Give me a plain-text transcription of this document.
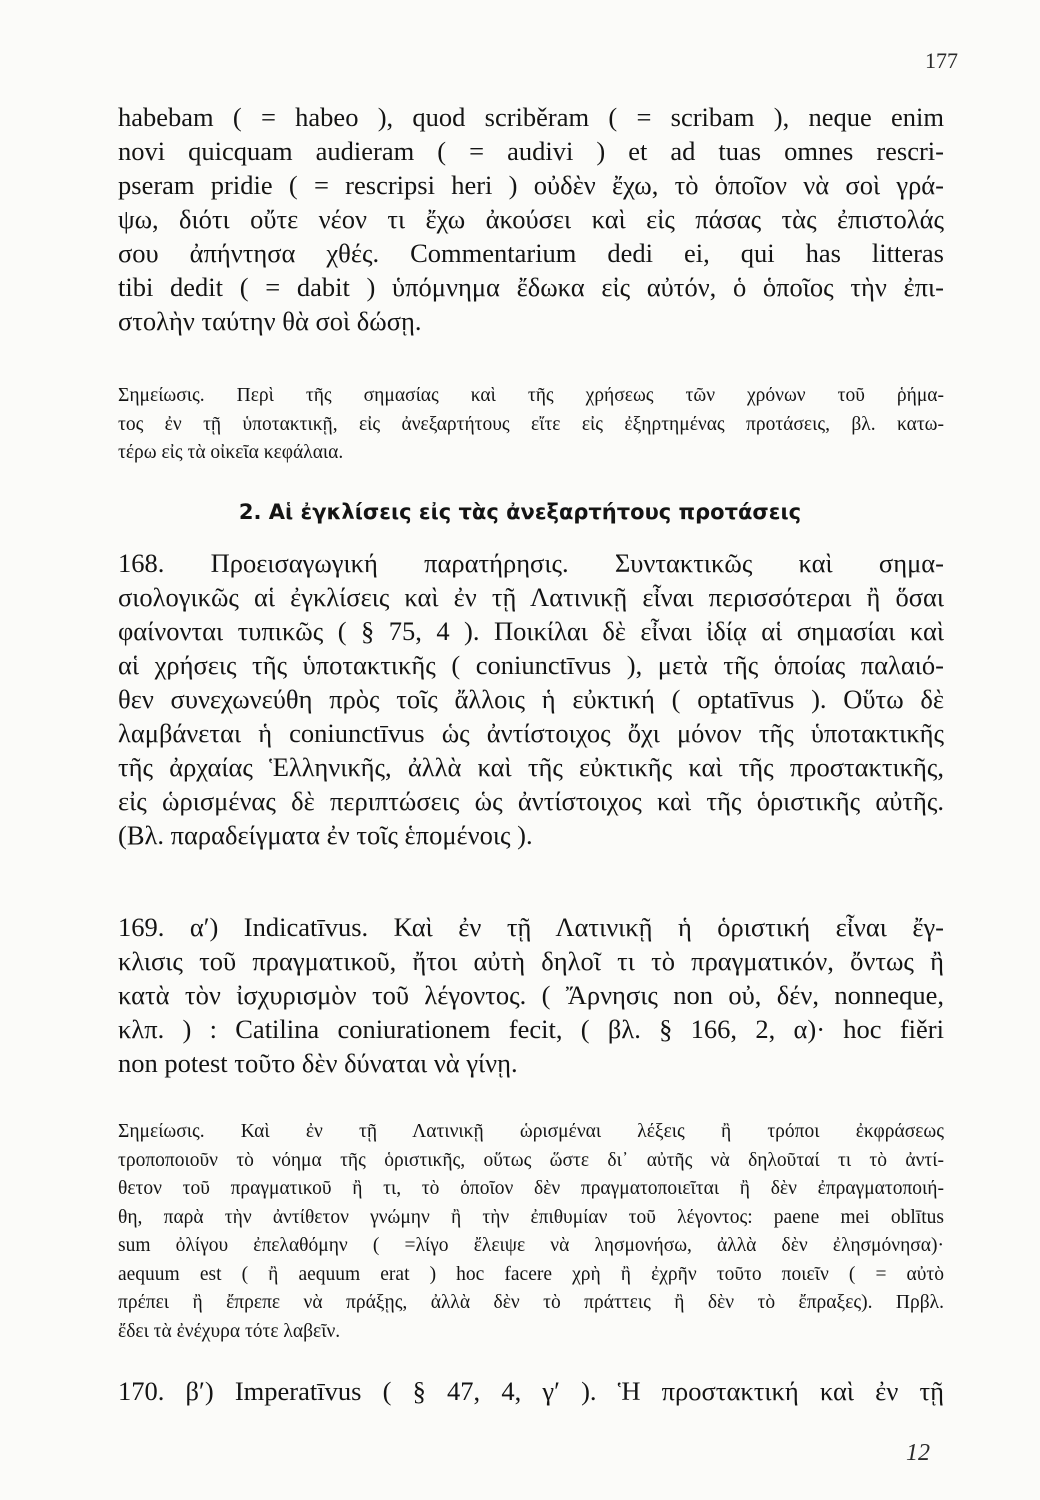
177
habebam ( = habeo ), quod scriběram ( = scribam ), neque enim
novi quicquam audieram ( = audivi ) et ad tuas omnes rescri-
pseram pridie ( = rescripsi heri ) οὐδὲν ἔχω, τὸ ὁποῖον νὰ σοὶ γρά-
ψω, διότι οὔτε νέον τι ἔχω ἀκούσει καὶ εἰς πάσας τὰς ἐπιστολάς
σου ἀπήντησα χθές. Commentarium dedi ei, qui has litteras
tibi dedit ( = dabit ) ὑπόμνημα ἔδωκα εἰς αὐτόν, ὁ ὁποῖος τὴν ἐπι-
στολὴν ταύτην θὰ σοὶ δώσῃ.
Σημείωσις. Περὶ τῆς σημασίας καὶ τῆς χρήσεως τῶν χρόνων τοῦ ῥήμα-
τος ἐν τῇ ὑποτακτικῇ, εἰς ἀνεξαρτήτους εἴτε εἰς ἐξηρτημένας προτάσεις, βλ. κατω-
τέρω εἰς τὰ οἰκεῖα κεφάλαια.
2. Αἱ ἐγκλίσεις εἰς τὰς ἀνεξαρτήτους προτάσεις
168. Προεισαγωγική παρατήρησις. Συντακτικῶς καὶ σημα-
σιολογικῶς αἱ ἐγκλίσεις καὶ ἐν τῇ Λατινικῇ εἶναι περισσότεραι ἢ ὅσαι
φαίνονται τυπικῶς ( § 75, 4 ). Ποικίλαι δὲ εἶναι ἰδίᾳ αἱ σημασίαι καὶ
αἱ χρήσεις τῆς ὑποτακτικῆς ( coniunctīvus ), μετὰ τῆς ὁποίας παλαιό-
θεν συνεχωνεύθη πρὸς τοῖς ἄλλοις ἡ εὐκτική ( optatīvus ). Οὕτω δὲ
λαμβάνεται ἡ coniunctīvus ὡς ἀντίστοιχος ὄχι μόνον τῆς ὑποτακτικῆς
τῆς ἀρχαίας Ἑλληνικῆς, ἀλλὰ καὶ τῆς εὐκτικῆς καὶ τῆς προστακτικῆς,
εἰς ὡρισμένας δὲ περιπτώσεις ὡς ἀντίστοιχος καὶ τῆς ὁριστικῆς αὐτῆς.
(Βλ. παραδείγματα ἐν τοῖς ἑπομένοις ).
169. α′) Indicatīvus. Καὶ ἐν τῇ Λατινικῇ ἡ ὁριστική εἶναι ἔγ-
κλισις τοῦ πραγματικοῦ, ἤτοι αὐτὴ δηλοῖ τι τὸ πραγματικόν, ὄντως ἢ
κατὰ τὸν ἰσχυρισμὸν τοῦ λέγοντος. ( Ἄρνησις non οὐ, δέν, nonneque,
κλπ. ) : Catilina coniurationem fecit, ( βλ. § 166, 2, α)· hoc fiěri
non potest τοῦτο δὲν δύναται νὰ γίνῃ.
Σημείωσις. Καὶ ἐν τῇ Λατινικῇ ὡρισμέναι λέξεις ἢ τρόποι ἐκφράσεως
τροποποιοῦν τὸ νόημα τῆς ὁριστικῆς, οὕτως ὥστε δι᾽ αὐτῆς νὰ δηλοῦταί τι τὸ ἀντί-
θετον τοῦ πραγματικοῦ ἢ τι, τὸ ὁποῖον δὲν πραγματοποιεῖται ἢ δὲν ἐπραγματοποιή-
θη, παρὰ τὴν ἀντίθετον γνώμην ἢ τὴν ἐπιθυμίαν τοῦ λέγοντος: paene mei oblītus
sum ὀλίγου ἐπελαθόμην ( =λίγο ἔλειψε νὰ λησμονήσω, ἀλλὰ δὲν ἐλησμόνησα)·
aequum est ( ἢ aequum erat ) hoc facere χρὴ ἢ ἐχρῆν τοῦτο ποιεῖν ( = αὐτὸ
πρέπει ἢ ἔπρεπε νὰ πράξῃς, ἀλλὰ δὲν τὸ πράττεις ἢ δὲν τὸ ἔπραξες). Πρβλ.
ἔδει τὰ ἐνέχυρα τότε λαβεῖν.
170. β′) Imperatīvus ( § 47, 4, γ′ ). Ἡ προστακτική καὶ ἐν τῇ
12
